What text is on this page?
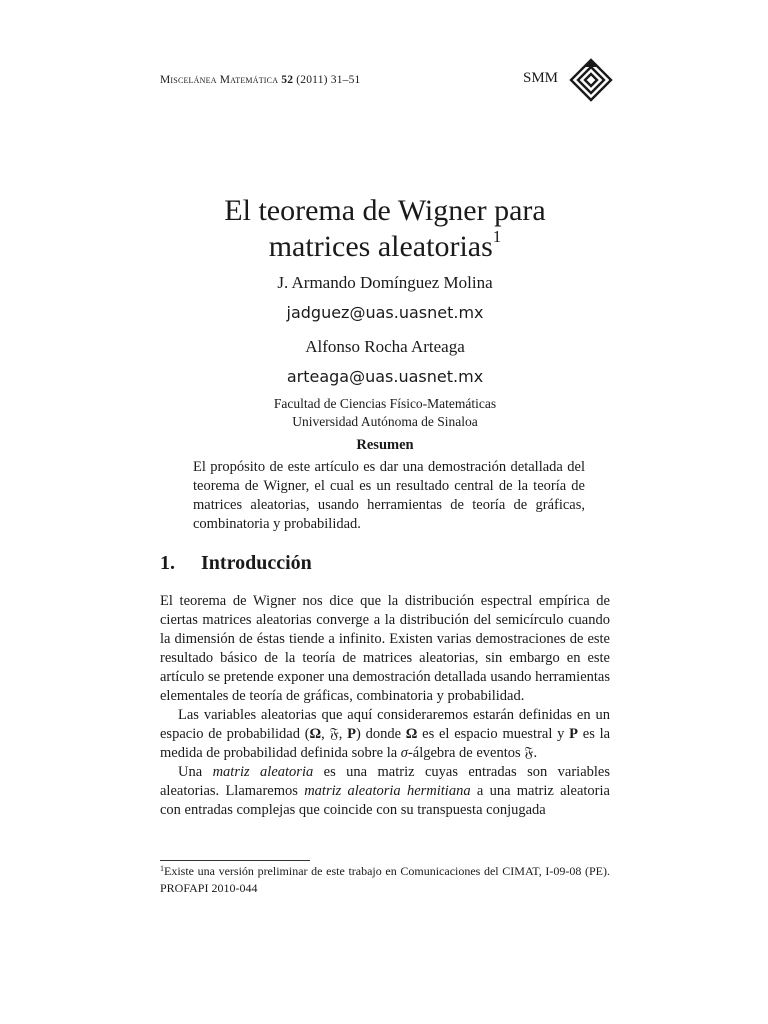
Miscelánea Matemática 52 (2011) 31–51	SMM
El teorema de Wigner para
matrices aleatorias$^1$
J. Armando Domínguez Molina
jadguez@uas.uasnet.mx
Alfonso Rocha Arteaga
arteaga@uas.uasnet.mx
Facultad de Ciencias Físico-Matemáticas
Universidad Autónoma de Sinaloa
Resumen
El propósito de este artículo es dar una demostración detallada del teorema de Wigner, el cual es un resultado central de la teoría de matrices aleatorias, usando herramientas de teoría de gráficas, combinatoria y probabilidad.
1. Introducción

El teorema de Wigner nos dice que la distribución espectral empírica de ciertas matrices aleatorias converge a la distribución del semicírculo cuando la dimensión de éstas tiende a infinito. Existen varias demostraciones de este resultado básico de la teoría de matrices aleatorias, sin embargo en este artículo se pretende exponer una demostración detallada usando herramientas elementales de teoría de gráficas, combinatoria y probabilidad.

Las variables aleatorias que aquí consideraremos estarán definidas en un espacio de probabilidad (Ω, 𝔉, P) donde Ω es el espacio muestral y P es la medida de probabilidad definida sobre la σ-álgebra de eventos 𝔉.

Una matriz aleatoria es una matriz cuyas entradas son variables aleatorias. Llamaremos matriz aleatoria hermitiana a una matriz aleatoria con entradas complejas que coincide con su transpuesta conjugada

$^1$Existe una versión preliminar de este trabajo en Comunicaciones del CIMAT, I-09-08 (PE). PROFAPI 2010-044
